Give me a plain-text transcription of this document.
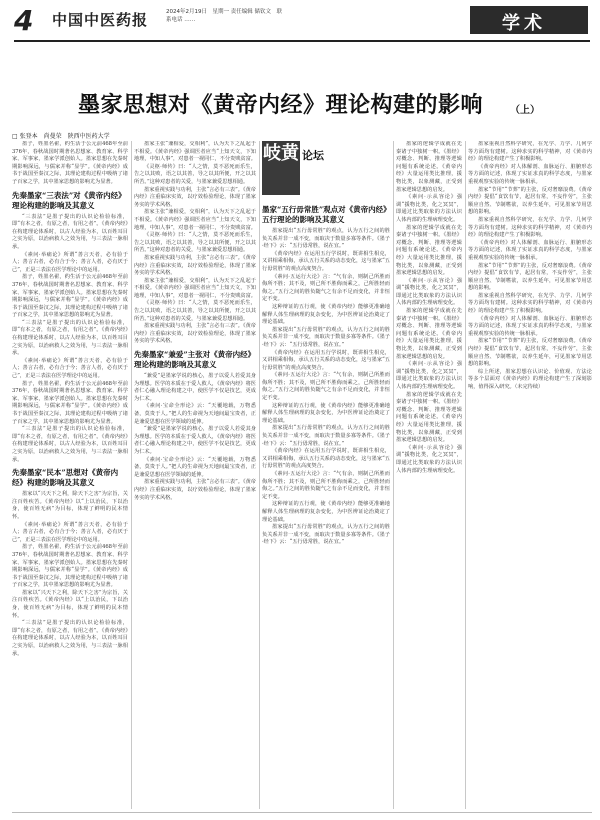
4	中国中医药报	2024年2月19日　星期一 责任编辑 储钦文　联系电话 ……	学术
墨家思想对《黄帝内经》理论构建的影响	（上）
□ 张登本　尚曼荣　陕西中医药大学

墨子，姓墨名翟，约生活于公元前468年至前376年，春秋战国时期著名思想家、教育家、科学家、军事家，墨家学派创始人。墨家思想在先秦时期影响深远，与儒家并称“显学”。《黄帝内经》成书于战国至秦汉之际，其理论建构过程中吸纳了诸子百家之学，其中墨家思想的影响尤为显著。

先秦墨家“三表法”对《黄帝内经》理论构建的影响及其意义

“三表法”是墨子提出的认识论检验标准，即“有本之者，有原之者，有用之者”。《黄帝内经》在构建理论体系时，以古人经验为本，以百姓耳目之实为原，以治病救人之效为用，与三表法一脉相承。

《素问·举痛论》所谓“善言天者，必有验于人；善言古者，必有合于今；善言人者，必有厌于己”，正是三表法在医学理论中的运用。

墨子，姓墨名翟，约生活于公元前468年至前376年，春秋战国时期著名思想家、教育家、科学家、军事家，墨家学派创始人。墨家思想在先秦时期影响深远，与儒家并称“显学”。《黄帝内经》成书于战国至秦汉之际，其理论建构过程中吸纳了诸子百家之学，其中墨家思想的影响尤为显著。

“三表法”是墨子提出的认识论检验标准，即“有本之者，有原之者，有用之者”。《黄帝内经》在构建理论体系时，以古人经验为本，以百姓耳目之实为原，以治病救人之效为用，与三表法一脉相承。

《素问·举痛论》所谓“善言天者，必有验于人；善言古者，必有合于今；善言人者，必有厌于己”，正是三表法在医学理论中的运用。

墨子，姓墨名翟，约生活于公元前468年至前376年，春秋战国时期著名思想家、教育家、科学家、军事家，墨家学派创始人。墨家思想在先秦时期影响深远，与儒家并称“显学”。《黄帝内经》成书于战国至秦汉之际，其理论建构过程中吸纳了诸子百家之学，其中墨家思想的影响尤为显著。

“三表法”是墨子提出的认识论检验标准，即“有本之者，有原之者，有用之者”。《黄帝内经》在构建理论体系时，以古人经验为本，以百姓耳目之实为原，以治病救人之效为用，与三表法一脉相承。

先秦墨家“民本”思想对《黄帝内经》构建的影响及其意义

墨家以“兴天下之利，除天下之害”为宗旨，关注百姓疾苦。《黄帝内经》以“上以治民，下以治身，使百姓无病”为目标，体现了鲜明的民本情怀。

《素问·举痛论》所谓“善言天者，必有验于人；善言古者，必有合于今；善言人者，必有厌于己”，正是三表法在医学理论中的运用。

墨子，姓墨名翟，约生活于公元前468年至前376年，春秋战国时期著名思想家、教育家、科学家、军事家，墨家学派创始人。墨家思想在先秦时期影响深远，与儒家并称“显学”。《黄帝内经》成书于战国至秦汉之际，其理论建构过程中吸纳了诸子百家之学，其中墨家思想的影响尤为显著。

墨家以“兴天下之利，除天下之害”为宗旨，关注百姓疾苦。《黄帝内经》以“上以治民，下以治身，使百姓无病”为目标，体现了鲜明的民本情怀。

“三表法”是墨子提出的认识论检验标准，即“有本之者，有原之者，有用之者”。《黄帝内经》在构建理论体系时，以古人经验为本，以百姓耳目之实为原，以治病救人之效为用，与三表法一脉相承。

墨家主张“兼相爱，交相利”，认为天下之乱起于不相爱。《黄帝内经》强调医者应当“上知天文，下知地理，中知人事”，对患者一视同仁，不分贵贱贫富。

《灵枢·师传》曰：“人之情，莫不恶死而乐生，告之以其败，语之以其善，导之以其所便，开之以其所苦。”这种对患者的关爱，与墨家兼爱思想相通。

墨家重视实践与功利，主张“言必有三表”。《黄帝内经》注重临床实效，以疗效检验理论，体现了墨家务实的学术风格。

墨家主张“兼相爱，交相利”，认为天下之乱起于不相爱。《黄帝内经》强调医者应当“上知天文，下知地理，中知人事”，对患者一视同仁，不分贵贱贫富。

《灵枢·师传》曰：“人之情，莫不恶死而乐生，告之以其败，语之以其善，导之以其所便，开之以其所苦。”这种对患者的关爱，与墨家兼爱思想相通。

墨家重视实践与功利，主张“言必有三表”。《黄帝内经》注重临床实效，以疗效检验理论，体现了墨家务实的学术风格。

墨家主张“兼相爱，交相利”，认为天下之乱起于不相爱。《黄帝内经》强调医者应当“上知天文，下知地理，中知人事”，对患者一视同仁，不分贵贱贫富。

《灵枢·师传》曰：“人之情，莫不恶死而乐生，告之以其败，语之以其善，导之以其所便，开之以其所苦。”这种对患者的关爱，与墨家兼爱思想相通。

墨家重视实践与功利，主张“言必有三表”。《黄帝内经》注重临床实效，以疗效检验理论，体现了墨家务实的学术风格。

先秦墨家“兼爱”主张对《黄帝内经》理论构建的影响及其意义

“兼爱”是墨家学说的核心，墨子以爱人若爱其身为理想。医学的本质在于爱人救人，《黄帝内经》将医者仁心融入理论构建之中，使医学不仅是技艺，更成为仁术。

《素问·宝命全形论》云：“天覆地载，万物悉备，莫贵于人。”把人的生命视为天地间最宝贵者，正是兼爱思想在医学领域的延伸。

“兼爱”是墨家学说的核心，墨子以爱人若爱其身为理想。医学的本质在于爱人救人，《黄帝内经》将医者仁心融入理论构建之中，使医学不仅是技艺，更成为仁术。

《素问·宝命全形论》云：“天覆地载，万物悉备，莫贵于人。”把人的生命视为天地间最宝贵者，正是兼爱思想在医学领域的延伸。

墨家重视实践与功利，主张“言必有三表”。《黄帝内经》注重临床实效，以疗效检验理论，体现了墨家务实的学术风格。

墨家“五行毋常胜”观点对《黄帝内经》五行理论的影响及其意义

墨家提出“五行毋常胜”的观点，认为五行之间的胜负关系并非一成不变，而取决于数量多寡等条件。《墨子·经下》云：“五行毋常胜，说在宜。”

《黄帝内经》在运用五行学说时，既讲相生相克，又讲相乘相侮，承认五行关系的动态变化，这与墨家“五行毋常胜”的观点高度契合。

《素问·五运行大论》言：“气有余，则制己所胜而侮所不胜；其不及，则己所不胜侮而乘之，己所胜轻而侮之。”五行之间的胜负随气之有余不足而变化，并非恒定不变。

这种辩证的五行观，使《黄帝内经》能够更准确地解释人体生理病理的复杂变化，为中医辨证论治奠定了理论基础。

墨家提出“五行毋常胜”的观点，认为五行之间的胜负关系并非一成不变，而取决于数量多寡等条件。《墨子·经下》云：“五行毋常胜，说在宜。”

《黄帝内经》在运用五行学说时，既讲相生相克，又讲相乘相侮，承认五行关系的动态变化，这与墨家“五行毋常胜”的观点高度契合。

《素问·五运行大论》言：“气有余，则制己所胜而侮所不胜；其不及，则己所不胜侮而乘之，己所胜轻而侮之。”五行之间的胜负随气之有余不足而变化，并非恒定不变。

这种辩证的五行观，使《黄帝内经》能够更准确地解释人体生理病理的复杂变化，为中医辨证论治奠定了理论基础。

墨家提出“五行毋常胜”的观点，认为五行之间的胜负关系并非一成不变，而取决于数量多寡等条件。《墨子·经下》云：“五行毋常胜，说在宜。”

《黄帝内经》在运用五行学说时，既讲相生相克，又讲相乘相侮，承认五行关系的动态变化，这与墨家“五行毋常胜”的观点高度契合。

《素问·五运行大论》言：“气有余，则制己所胜而侮所不胜；其不及，则己所不胜侮而乘之，己所胜轻而侮之。”五行之间的胜负随气之有余不足而变化，并非恒定不变。

这种辩证的五行观，使《黄帝内经》能够更准确地解释人体生理病理的复杂变化，为中医辨证论治奠定了理论基础。

墨家提出“五行毋常胜”的观点，认为五行之间的胜负关系并非一成不变，而取决于数量多寡等条件。《墨子·经下》云：“五行毋常胜，说在宜。”

岐黄 论坛

墨家的逻辑学成就在先秦诸子中独树一帜。《墨经》对概念、判断、推理等逻辑问题有系统论述。《黄帝内经》大量运用类比推理，援物比类，以象测藏，正受到墨家逻辑思想的启发。

《素问·示从容论》强调“援物比类，化之冥冥”，即通过比类取象的方法认识人体内部的生理病理变化。

墨家的逻辑学成就在先秦诸子中独树一帜。《墨经》对概念、判断、推理等逻辑问题有系统论述。《黄帝内经》大量运用类比推理，援物比类，以象测藏，正受到墨家逻辑思想的启发。

《素问·示从容论》强调“援物比类，化之冥冥”，即通过比类取象的方法认识人体内部的生理病理变化。

墨家的逻辑学成就在先秦诸子中独树一帜。《墨经》对概念、判断、推理等逻辑问题有系统论述。《黄帝内经》大量运用类比推理，援物比类，以象测藏，正受到墨家逻辑思想的启发。

《素问·示从容论》强调“援物比类，化之冥冥”，即通过比类取象的方法认识人体内部的生理病理变化。

墨家的逻辑学成就在先秦诸子中独树一帜。《墨经》对概念、判断、推理等逻辑问题有系统论述。《黄帝内经》大量运用类比推理，援物比类，以象测藏，正受到墨家逻辑思想的启发。

《素问·示从容论》强调“援物比类，化之冥冥”，即通过比类取象的方法认识人体内部的生理病理变化。

墨家重视自然科学研究，在光学、力学、几何学等方面均有建树。这种求实的科学精神，对《黄帝内经》的理论构建产生了积极影响。

《黄帝内经》对人体解剖、血脉运行、脏腑形态等方面的记述，体现了实证求真的科学态度，与墨家重视观察实验的传统一脉相承。

墨家“节用”“节葬”的主张，反对奢靡浪费。《黄帝内经》提倡“食饮有节，起居有常，不妄作劳”，主张顺应自然、节制嗜欲，以养生延年，可见墨家节用思想的影响。

墨家重视自然科学研究，在光学、力学、几何学等方面均有建树。这种求实的科学精神，对《黄帝内经》的理论构建产生了积极影响。

《黄帝内经》对人体解剖、血脉运行、脏腑形态等方面的记述，体现了实证求真的科学态度，与墨家重视观察实验的传统一脉相承。

墨家“节用”“节葬”的主张，反对奢靡浪费。《黄帝内经》提倡“食饮有节，起居有常，不妄作劳”，主张顺应自然、节制嗜欲，以养生延年，可见墨家节用思想的影响。

墨家重视自然科学研究，在光学、力学、几何学等方面均有建树。这种求实的科学精神，对《黄帝内经》的理论构建产生了积极影响。

《黄帝内经》对人体解剖、血脉运行、脏腑形态等方面的记述，体现了实证求真的科学态度，与墨家重视观察实验的传统一脉相承。

墨家“节用”“节葬”的主张，反对奢靡浪费。《黄帝内经》提倡“食饮有节，起居有常，不妄作劳”，主张顺应自然、节制嗜欲，以养生延年，可见墨家节用思想的影响。

综上所述，墨家思想在认识论、价值观、方法论等多个层面对《黄帝内经》的理论构建产生了深刻影响，值得深入研究。（未完待续）
